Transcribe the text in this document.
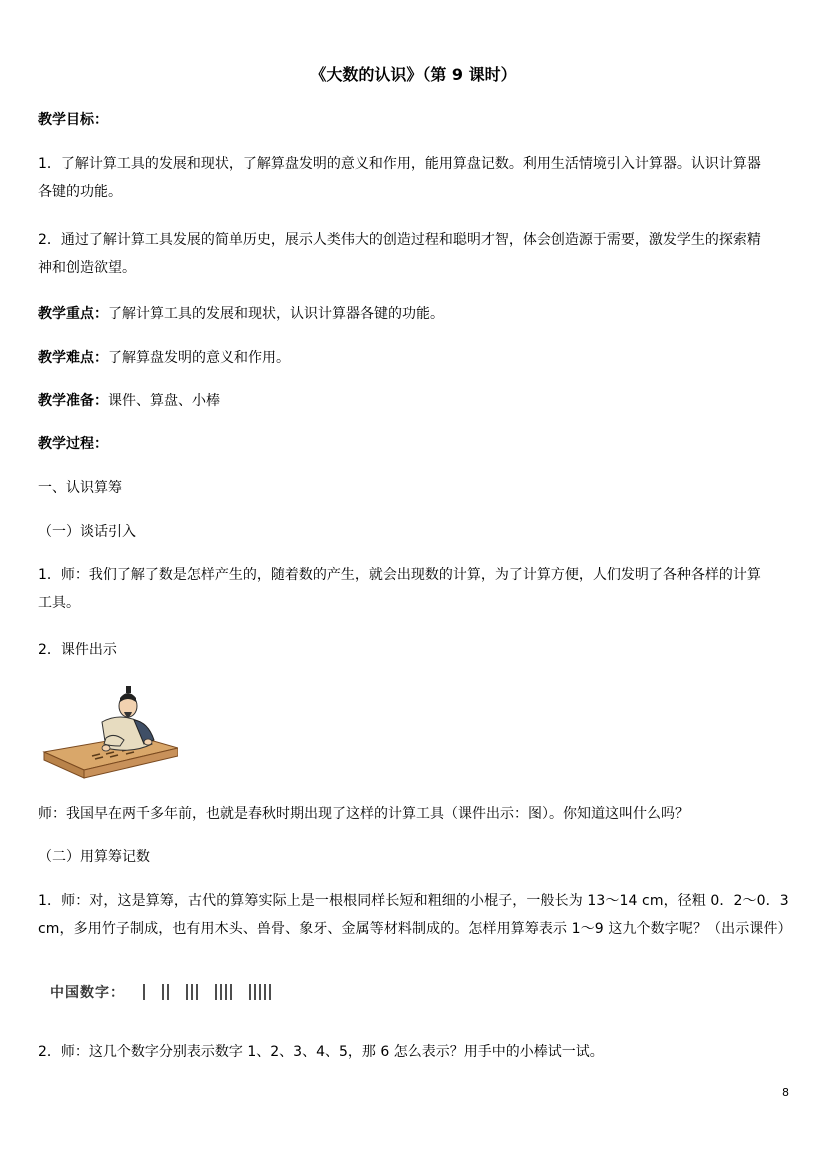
《大数的认识》（第 9 课时）
教学目标：
1．了解计算工具的发展和现状，了解算盘发明的意义和作用，能用算盘记数。利用生活情境引入计算器。认识计算器
各键的功能。
2．通过了解计算工具发展的简单历史，展示人类伟大的创造过程和聪明才智，体会创造源于需要，激发学生的探索精
神和创造欲望。
教学重点：了解计算工具的发展和现状，认识计算器各键的功能。
教学难点：了解算盘发明的意义和作用。
教学准备：课件、算盘、小棒
教学过程：
一、认识算筹
（一）谈话引入
1．师：我们了解了数是怎样产生的，随着数的产生，就会出现数的计算，为了计算方便，人们发明了各种各样的计算
工具。
2．课件出示
师：我国早在两千多年前，也就是春秋时期出现了这样的计算工具（课件出示：图）。你知道这叫什么吗？
（二）用算筹记数
1．师：对，这是算筹，古代的算筹实际上是一根根同样长短和粗细的小棍子，一般长为 13～14 cm，径粗 0．2～0．3
cm，多用竹子制成，也有用木头、兽骨、象牙、金属等材料制成的。怎样用算筹表示 1～9 这九个数字呢？（出示课件）
中国数字：
2．师：这几个数字分别表示数字 1、2、3、4、5，那 6 怎么表示？用手中的小棒试一试。
8
